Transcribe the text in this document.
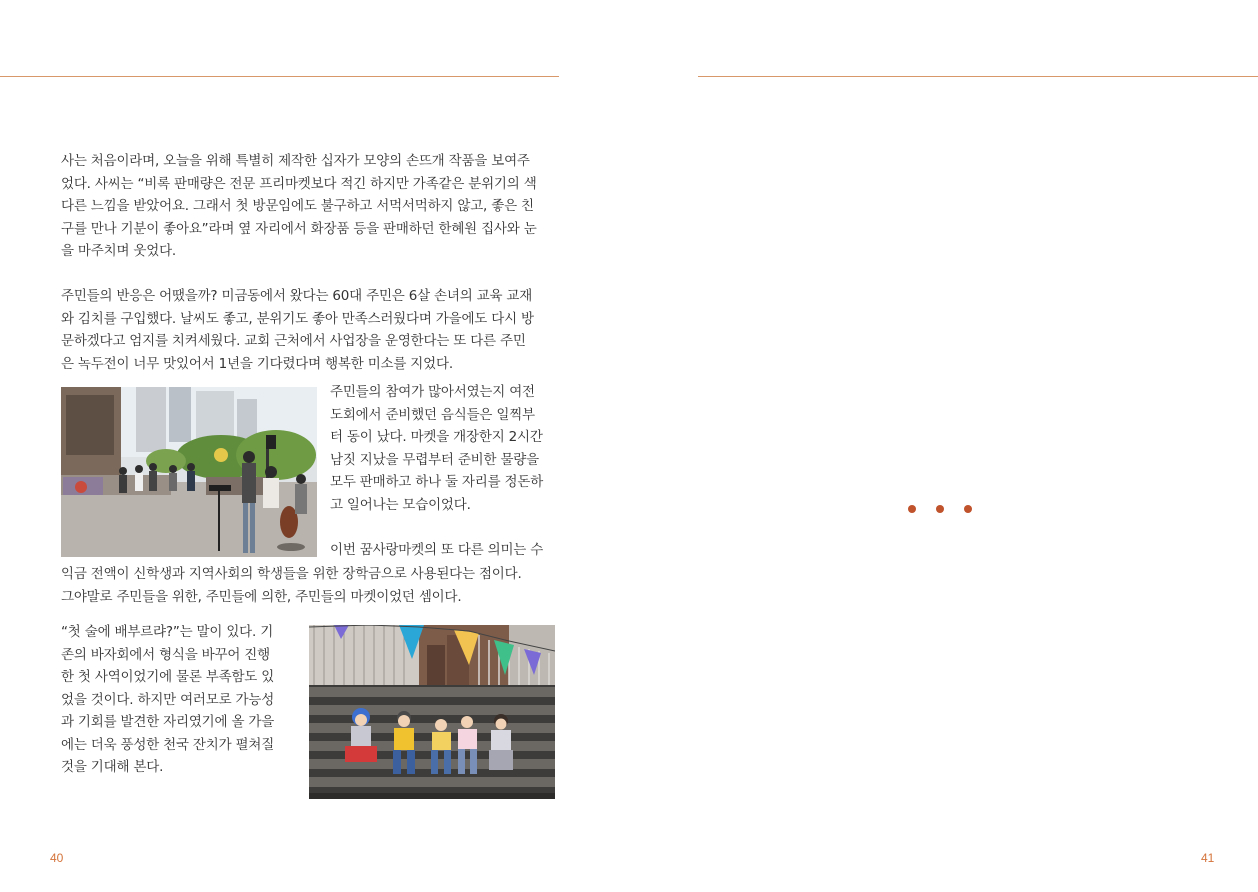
사는 처음이라며, 오늘을 위해 특별히 제작한 십자가 모양의 손뜨개 작품을 보여주
었다. 사씨는 “비록 판매량은 전문 프리마켓보다 적긴 하지만 가족같은 분위기의 색
다른 느낌을 받았어요. 그래서 첫 방문임에도 불구하고 서먹서먹하지 않고, 좋은 친
구를 만나 기분이 좋아요”라며 옆 자리에서 화장품 등을 판매하던 한혜원 집사와 눈
을 마주치며 웃었다.
주민들의 반응은 어땠을까? 미금동에서 왔다는 60대 주민은 6살 손녀의 교육 교재
와 김치를 구입했다. 날씨도 좋고, 분위기도 좋아 만족스러웠다며 가을에도 다시 방
문하겠다고 엄지를 치켜세웠다. 교회 근처에서 사업장을 운영한다는 또 다른 주민
은 녹두전이 너무 맛있어서 1년을 기다렸다며 행복한 미소를 지었다.
주민들의 참여가 많아서였는지 여전
도회에서 준비했던 음식들은 일찍부
터 동이 났다. 마켓을 개장한지 2시간
남짓 지났을 무렵부터 준비한 물량을
모두 판매하고 하나 둘 자리를 정돈하
고 일어나는 모습이었다.
이번 꿈사랑마켓의 또 다른 의미는 수
익금 전액이 신학생과 지역사회의 학생들을 위한 장학금으로 사용된다는 점이다.
그야말로 주민들을 위한, 주민들에 의한, 주민들의 마켓이었던 셈이다.
“첫 술에 배부르랴?”는 말이 있다. 기
존의 바자회에서 형식을 바꾸어 진행
한 첫 사역이었기에 물론 부족함도 있
었을 것이다. 하지만 여러모로 가능성
과 기회를 발견한 자리였기에 올 가을
에는 더욱 풍성한 천국 잔치가 펼쳐질
것을 기대해 본다.
40	41
